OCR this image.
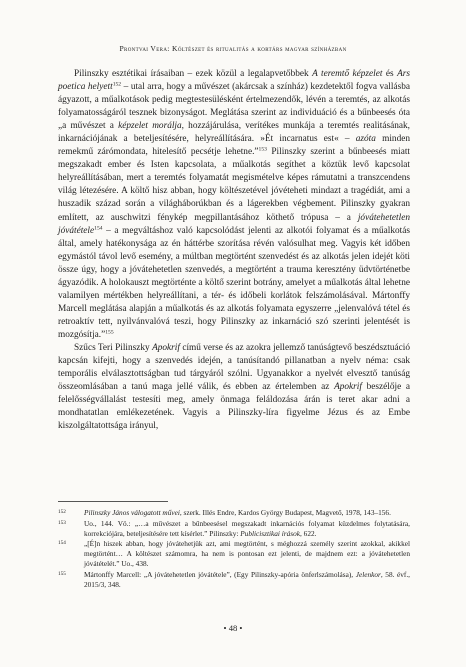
Prontvai Vera: Költészet és ritualitás a kortárs magyar színházban

Pilinszky esztétikai írásaiban – ezek közül a legalapvetőbbek A teremtő képzelet és Ars poetica helyett$^{152}$ – utal arra, hogy a művészet (akárcsak a színház) kezdetektől fogva vallásba ágyazott, a műalkotások pedig megtestesülésként értelmezendők, lévén a teremtés, az alkotás folyamatosságáról tesznek bizonyságot. Meglátása szerint az individuáció és a bűnbeesés óta „a művészet a képzelet morálja, hozzájárulása, verítékes munkája a teremtés realitásának, inkarnációjának a beteljesítésére, helyreállítására. »Ét incarnatus est« – azóta minden remekmű zárómondata, hitelesítő pecsétje lehetne.”$^{153}$ Pilinszky szerint a bűnbeesés miatt megszakadt ember és Isten kapcsolata, a műalkotás segíthet a köztük levő kapcsolat helyreállításában, mert a teremtés folyamatát megismételve képes rámutatni a transzcendens világ létezésére. A költő hisz abban, hogy költészetével jóvéteheti mindazt a tragédiát, ami a huszadik század során a világháborúkban és a lágerekben végbement. Pilinszky gyakran említett, az auschwitzi fénykép megpillantásához köthető trópusa – a jóvátehetetlen jóvátétele$^{154}$ – a megváltáshoz való kapcsolódást jelenti az alkotói folyamat és a műalkotás által, amely hatékonysága az én háttérbe szorítása révén valósulhat meg. Vagyis két időben egymástól távol levő esemény, a múltban megtörtént szenvedést és az alkotás jelen idejét köti össze úgy, hogy a jóvátehetetlen szenvedés, a megtörtént a trauma keresztény üdvtörténetbe ágyazódik. A holokauszt megtörténte a költő szerint botrány, amelyet a műalkotás által lehetne valamilyen mértékben helyreállítani, a tér- és időbeli korlátok felszámolásával. Mártonffy Marcell meglátása alapján a műalkotás és az alkotás folyamata egyszerre „jelenvalóvá tétel és retroaktív tett, nyilvánvalóvá teszi, hogy Pilinszky az inkarnáció szó szerinti jelentését is mozgósítja.”$^{155}$

Szűcs Teri Pilinszky Apokrif című verse és az azokra jellemző tanúságtevő beszédsztuáció kapcsán kifejti, hogy a szenvedés idején, a tanúsítandó pillanatban a nyelv néma: csak temporális elválasztottságban tud tárgyáról szólni. Ugyanakkor a nyelvét elvesztő tanúság összeomlásában a tanú maga jellé válik, és ebben az értelemben az Apokrif beszélője a felelősségvállalást testesíti meg, amely önmaga feláldozása árán is teret akar adni a mondhatatlan emlékezetének. Vagyis a Pilinszky-líra figyelme Jézus és az Embe kiszolgáltatottsága irányul,

152 Pilinszky János válogatott művei, szerk. Illés Endre, Kardos György Budapest, Magvető, 1978, 143–156.
153 Uo., 144. Vö.: „…a művészet a bűnbeesésel megszakadt inkarnációs folyamat küzdelmes folytatására, korrekciójára, beteljesítésére tett kísérlet.” Pilinszky: Publicisztikai írások, 622.
154 „[É]n hiszek abban, hogy jóvátehetjük azt, ami megtörtént, s méghozzá személy szerint azokkal, akikkel megtörtént… A költészet számomra, ha nem is pontosan ezt jelenti, de majdnem ezt: a jóvátehetetlen jóvátételét.” Uo., 438.
155 Mártonffy Marcell: „A jóvátehetetlen jóvátétele”, (Egy Pilinszky-apória önferlszámolása), Jelenkor, 58. évf., 2015/3, 348.
• 48 •
